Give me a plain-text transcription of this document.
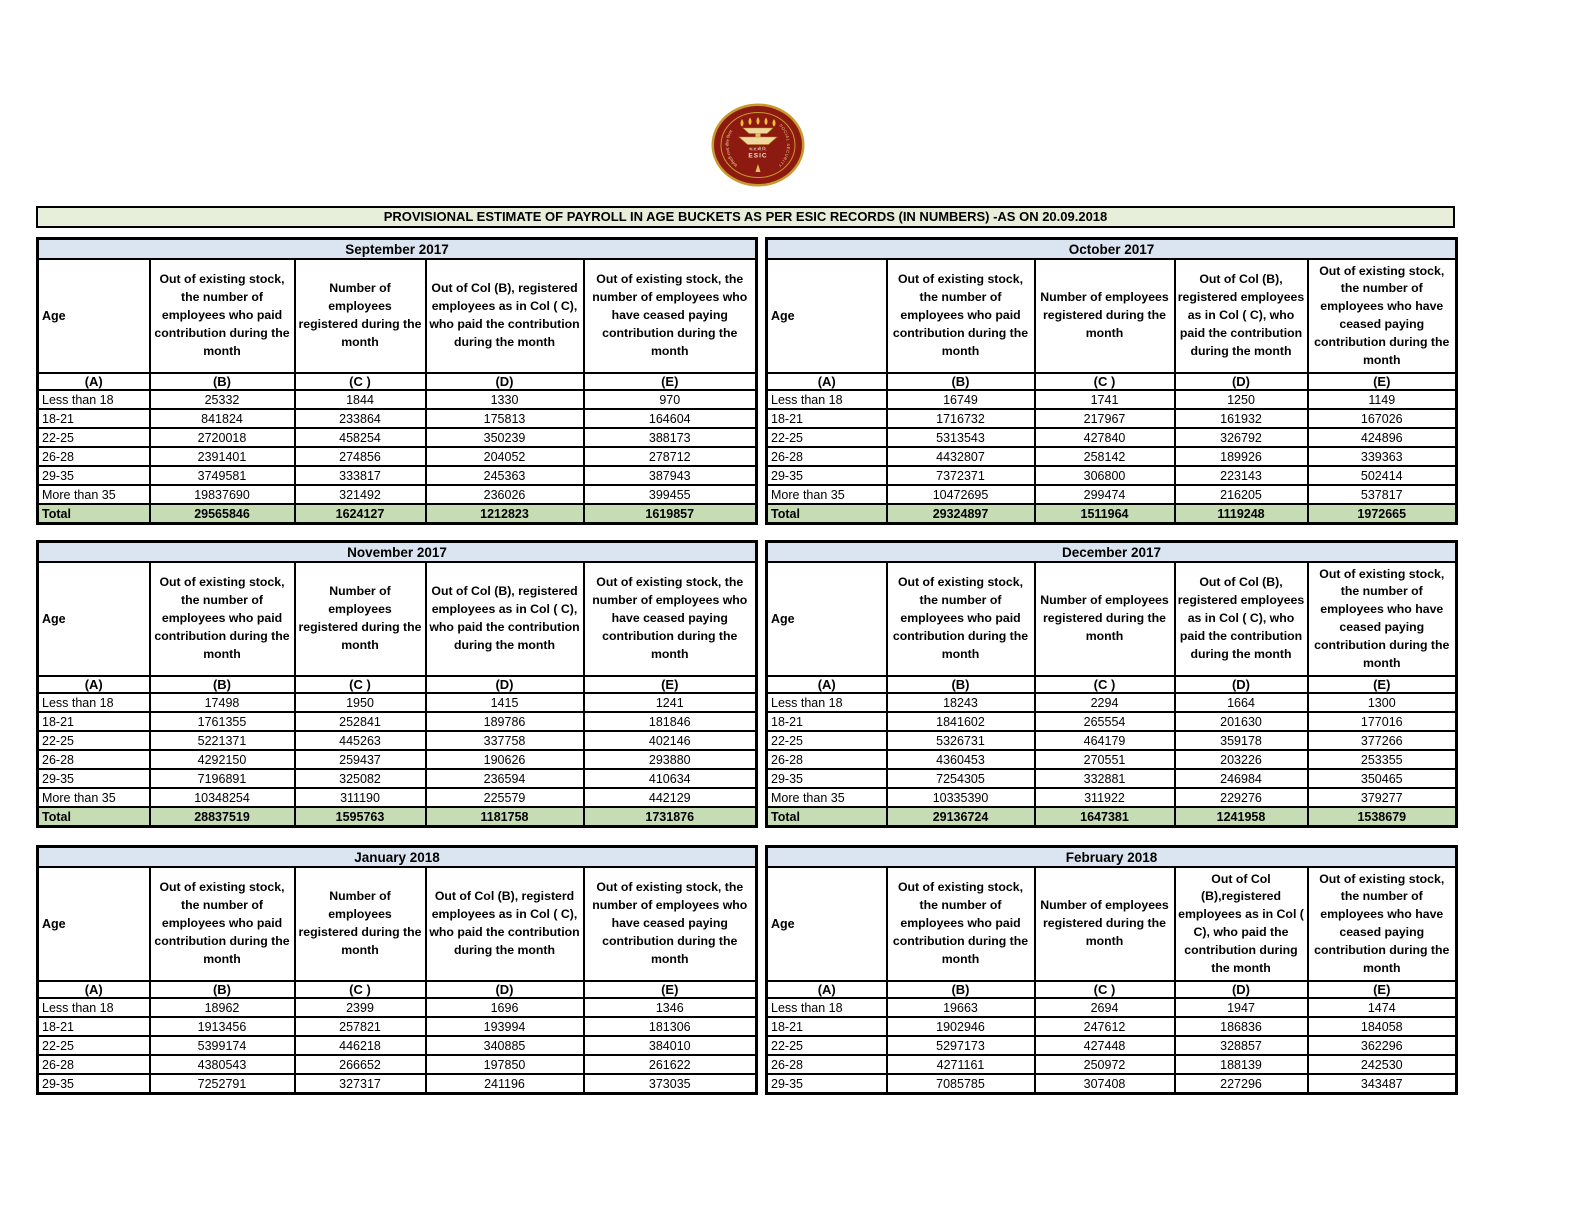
क.रा.बी.नि.
ESIC
कर्मचारी राज्य बीमा निगम
SOCIAL SECURITY
PROVISIONAL ESTIMATE OF PAYROLL IN AGE BUCKETS AS PER ESIC RECORDS (IN NUMBERS) -AS ON 20.09.2018
September 2017				
Age	Out of existing stock, the number of employees who paid contribution during the month	Number of employees registered during the month	Out of Col (B), registered employees as in Col ( C), who paid the contribution during the month	Out of existing stock, the number of employees who have ceased paying contribution during the month
(A)	(B)	(C )	(D)	(E)
Less than 18	25332	1844	1330	970
18-21	841824	233864	175813	164604
22-25	2720018	458254	350239	388173
26-28	2391401	274856	204052	278712
29-35	3749581	333817	245363	387943
More than 35	19837690	321492	236026	399455
Total	29565846	1624127	1212823	1619857
October 2017				
Age	Out of existing stock, the number of employees who paid contribution during the month	Number of employees registered during the month	Out of Col (B), registered employees as in Col ( C), who paid the contribution during the month	Out of existing stock, the number of employees who have ceased paying contribution during the month
(A)	(B)	(C )	(D)	(E)
Less than 18	16749	1741	1250	1149
18-21	1716732	217967	161932	167026
22-25	5313543	427840	326792	424896
26-28	4432807	258142	189926	339363
29-35	7372371	306800	223143	502414
More than 35	10472695	299474	216205	537817
Total	29324897	1511964	1119248	1972665
November 2017				
Age	Out of existing stock, the number of employees who paid contribution during the month	Number of employees registered during the month	Out of Col (B), registered employees as in Col ( C), who paid the contribution during the month	Out of existing stock, the number of employees who have ceased paying contribution during the month
(A)	(B)	(C )	(D)	(E)
Less than 18	17498	1950	1415	1241
18-21	1761355	252841	189786	181846
22-25	5221371	445263	337758	402146
26-28	4292150	259437	190626	293880
29-35	7196891	325082	236594	410634
More than 35	10348254	311190	225579	442129
Total	28837519	1595763	1181758	1731876
December 2017				
Age	Out of existing stock, the number of employees who paid contribution during the month	Number of employees registered during the month	Out of Col (B), registered employees as in Col ( C), who paid the contribution during the month	Out of existing stock, the number of employees who have ceased paying contribution during the month
(A)	(B)	(C )	(D)	(E)
Less than 18	18243	2294	1664	1300
18-21	1841602	265554	201630	177016
22-25	5326731	464179	359178	377266
26-28	4360453	270551	203226	253355
29-35	7254305	332881	246984	350465
More than 35	10335390	311922	229276	379277
Total	29136724	1647381	1241958	1538679
January 2018				
Age	Out of existing stock, the number of employees who paid contribution during the month	Number of employees registered during the month	Out of Col (B), registerd employees as in Col ( C), who paid the contribution during the month	Out of existing stock, the number of employees who have ceased paying contribution during the month
(A)	(B)	(C )	(D)	(E)
Less than 18	18962	2399	1696	1346
18-21	1913456	257821	193994	181306
22-25	5399174	446218	340885	384010
26-28	4380543	266652	197850	261622
29-35	7252791	327317	241196	373035
February 2018				
Age	Out of existing stock, the number of employees who paid contribution during the month	Number of employees registered during the month	Out of Col (B),registered employees as in Col ( C), who paid the contribution during the month	Out of existing stock, the number of employees who have ceased paying contribution during the month
(A)	(B)	(C )	(D)	(E)
Less than 18	19663	2694	1947	1474
18-21	1902946	247612	186836	184058
22-25	5297173	427448	328857	362296
26-28	4271161	250972	188139	242530
29-35	7085785	307408	227296	343487
